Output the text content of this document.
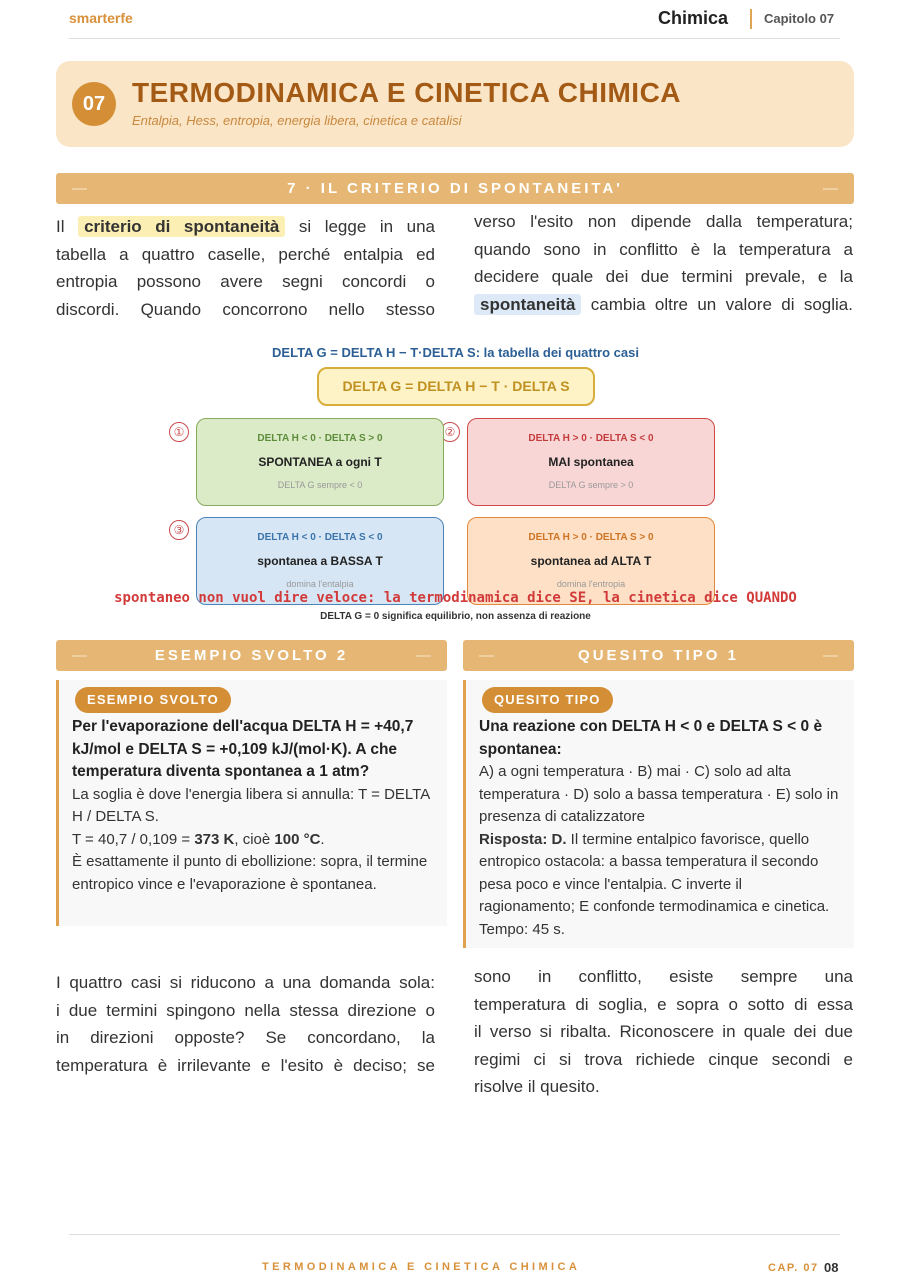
smarterfe	Chimica	Capitolo 07
07 TERMODINAMICA E CINETICA CHIMICA
Entalpia, Hess, entropia, energia libera, cinetica e catalisi
—	7 · IL CRITERIO DI SPONTANEITA'	—
Il criterio di spontaneità si legge in una
tabella a quattro caselle, perché entalpia ed
entropia possono avere segni concordi o
discordi. Quando concorrono nello stesso
verso l'esito non dipende dalla temperatura;
quando sono in conflitto è la temperatura a
decidere quale dei due termini prevale, e la
spontaneità cambia oltre un valore di soglia.
DELTA G = DELTA H − T·DELTA S: la tabella dei quattro casi
DELTA G = DELTA H − T · DELTA S
①	②
③
DELTA H < 0 · DELTA S > 0
SPONTANEA a ogni T
DELTA G sempre < 0
DELTA H > 0 · DELTA S < 0
MAI spontanea
DELTA G sempre > 0
DELTA H < 0 · DELTA S < 0
spontanea a BASSA T
domina l'entalpia
DELTA H > 0 · DELTA S > 0
spontanea ad ALTA T
domina l'entropia
spontaneo non vuol dire veloce: la termodinamica dice SE, la cinetica dice QUANDO
DELTA G = 0 significa equilibrio, non assenza di reazione
—	ESEMPIO SVOLTO 2	—	—	QUESITO TIPO 1	—
ESEMPIO SVOLTO

Per l'evaporazione dell'acqua DELTA H = +40,7 kJ/mol e DELTA S = +0,109 kJ/(mol·K). A che temperatura diventa spontanea a 1 atm?

La soglia è dove l'energia libera si annulla: T = DELTA H / DELTA S.

T = 40,7 / 0,109 = 373 K, cioè 100 °C.

È esattamente il punto di ebollizione: sopra, il termine entropico vince e l'evaporazione è spontanea.

QUESITO TIPO

Una reazione con DELTA H < 0 e DELTA S < 0 è spontanea:

A) a ogni temperatura · B) mai · C) solo ad alta temperatura · D) solo a bassa temperatura · E) solo in presenza di catalizzatore

Risposta: D. Il termine entalpico favorisce, quello entropico ostacola: a bassa temperatura il secondo pesa poco e vince l'entalpia. C inverte il ragionamento; E confonde termodinamica e cinetica. Tempo: 45 s.

I quattro casi si riducono a una domanda sola:
i due termini spingono nella stessa direzione o
in direzioni opposte? Se concordano, la
temperatura è irrilevante e l'esito è deciso; se
sono in conflitto, esiste sempre una
temperatura di soglia, e sopra o sotto di essa
il verso si ribalta. Riconoscere in quale dei due
regimi ci si trova richiede cinque secondi e
risolve il quesito.
TERMODINAMICA E CINETICA CHIMICA	CAP. 07 08
